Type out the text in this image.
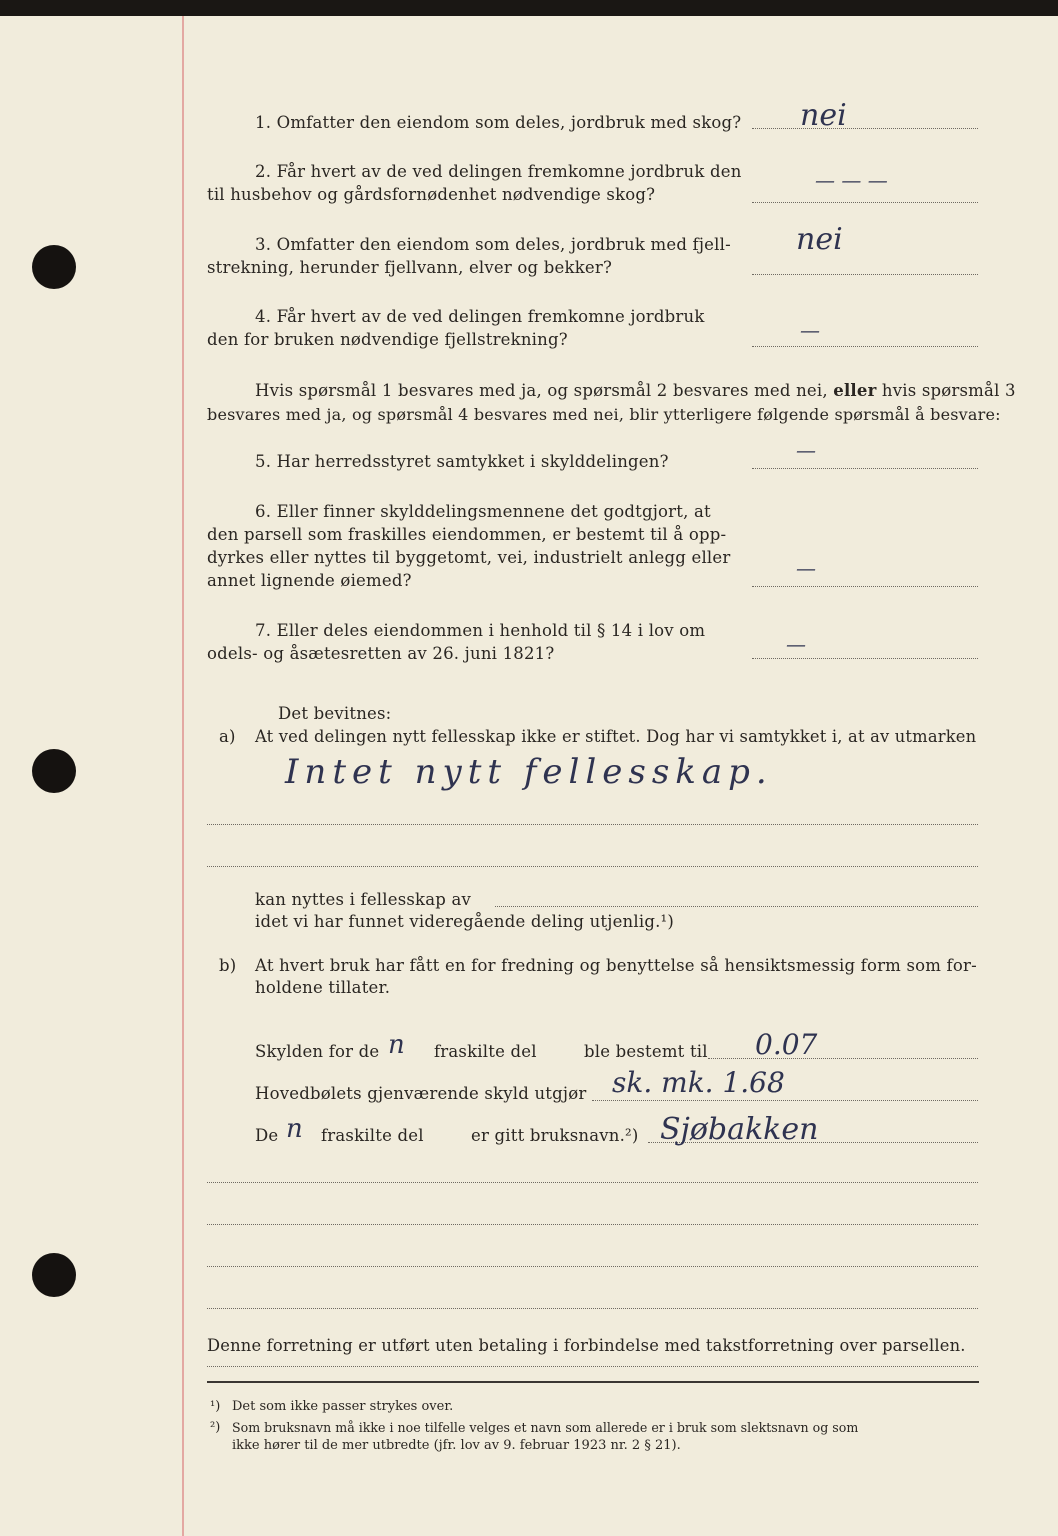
1. Omfatter den eiendom som deles, jordbruk med skog? nei
2. Får hvert av de ved delingen fremkomne jordbruk den
til husbehov og gårdsfornødenhet nødvendige skog?
— — —
3. Omfatter den eiendom som deles, jordbruk med fjell-
strekning, herunder fjellvann, elver og bekker?
nei
4. Får hvert av de ved delingen fremkomne jordbruk
den for bruken nødvendige fjellstrekning?	—
Hvis spørsmål 1 besvares med ja, og spørsmål 2 besvares med nei, eller hvis spørsmål 3
besvares med ja, og spørsmål 4 besvares med nei, blir ytterligere følgende spørsmål å besvare:
5. Har herredsstyret samtykket i skylddelingen?	—
6. Eller finner skylddelingsmennene det godtgjort, at
den parsell som fraskilles eiendommen, er bestemt til å opp-
dyrkes eller nyttes til byggetomt, vei, industrielt anlegg eller
annet lignende øiemed?
—
7. Eller deles eiendommen i henhold til § 14 i lov om
odels- og åsætesretten av 26. juni 1821?	—
Det bevitnes:
a) At ved delingen nytt fellesskap ikke er stiftet. Dog har vi samtykket i, at av utmarken
Intet nytt fellesskap.
kan nyttes i fellesskap av
idet vi har funnet videregående deling utjenlig.¹)
b) At hvert bruk har fått en for fredning og benyttelse så hensiktsmessig form som for-
holdene tillater.
Skylden for de n fraskilte del	ble bestemt til 0.07
Hovedbølets gjenværende skyld utgjør sk. mk. 1.68
De n fraskilte del	er gitt bruksnavn.²) Sjøbakken
Denne forretning er utført uten betaling i forbindelse med takstforretning over parsellen.
¹) Det som ikke passer strykes over.
²) Som bruksnavn må ikke i noe tilfelle velges et navn som allerede er i bruk som slektsnavn og som
ikke hører til de mer utbredte (jfr. lov av 9. februar 1923 nr. 2 § 21).
